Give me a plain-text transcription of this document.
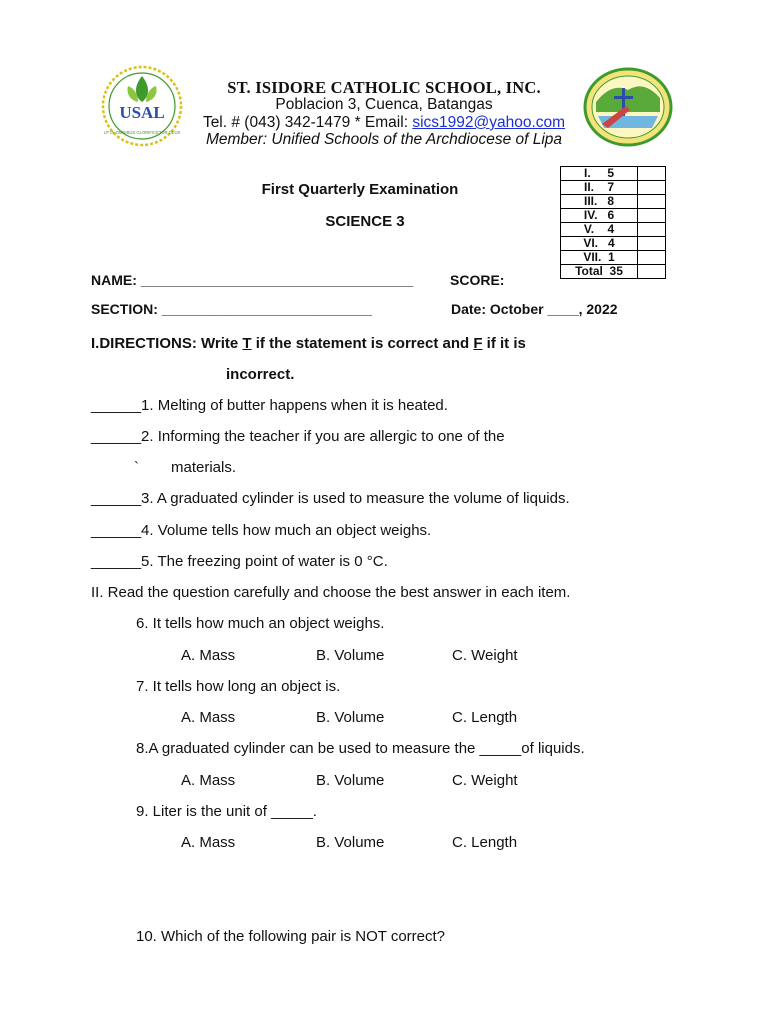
USAL
UT IN OMNIBUS GLORIFICETUR DEUS
ST. ISIDORE CATHOLIC SCHOOL, INC.
Poblacion 3, Cuenca, Batangas
Tel. # (043) 342-1479 * Email: sics1992@yahoo.com
Member: Unified Schools of the Archdiocese of Lipa
First Quarterly Examination
SCIENCE 3
I.     5	
II.    7	
III.   8	
IV.   6	
V.    4	
VI.   4	
VII.  1	
Total  35	
NAME: ___________________________________	SCORE:
SECTION: ___________________________	Date: October ____, 2022
I.DIRECTIONS: Write T if the statement is correct and F if it is
incorrect.
______1. Melting of butter happens when it is heated.
______2. Informing the teacher if you are allergic to one of the
` materials.
______3. A graduated cylinder is used to measure the volume of liquids.
______4. Volume tells how much an object weighs.
______5. The freezing point of water is 0 °C.
II. Read the question carefully and choose the best answer in each item.
6. It tells how much an object weighs.
A. Mass	B. Volume	C. Weight
7. It tells how long an object is.
A. Mass	B. Volume	C. Length
8.A graduated cylinder can be used to measure the _____of liquids.
A. Mass	B. Volume	C. Weight
9. Liter is the unit of _____.
A. Mass	B. Volume	C. Length
10. Which of the following pair is NOT correct?
